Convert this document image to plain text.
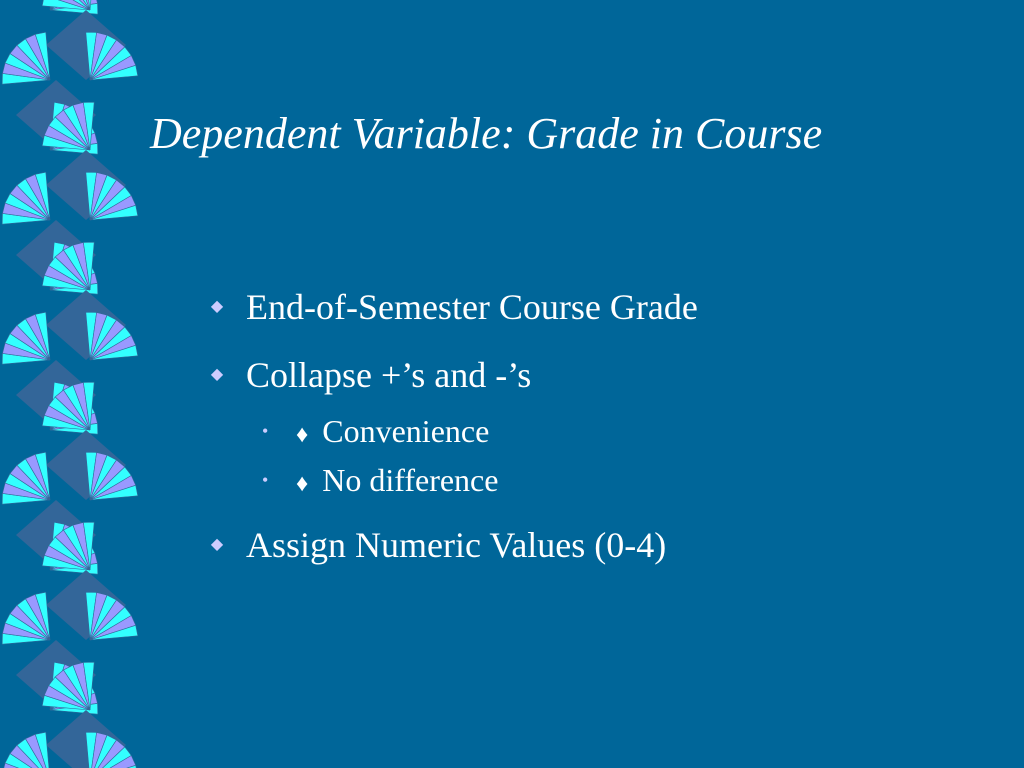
Dependent Variable: Grade in Course
◆ End-of-Semester Course Grade
◆ Collapse +’s and -’s
• ♦ Convenience
• ♦ No difference
◆ Assign Numeric Values (0-4)
